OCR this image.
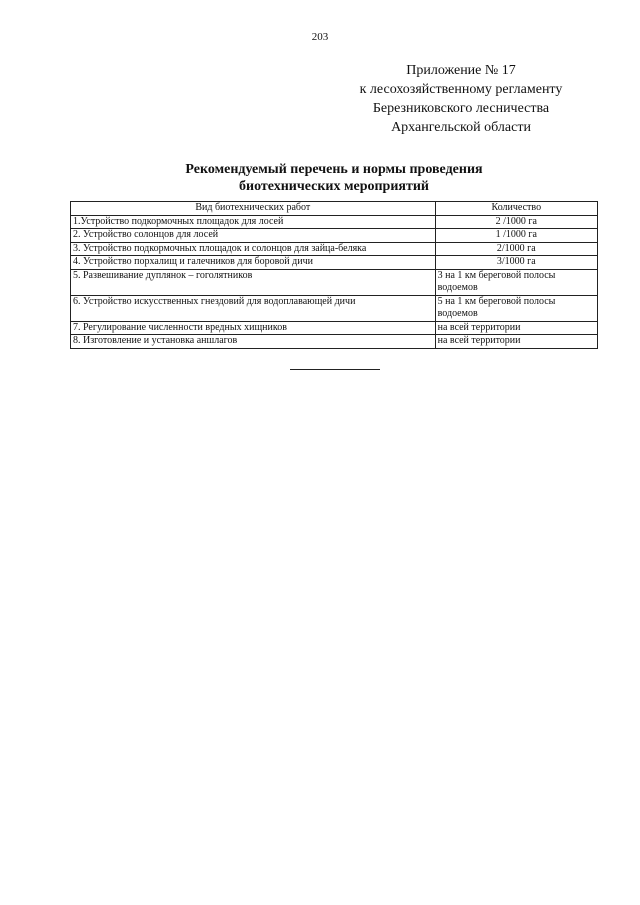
203
Приложение № 17
к лесохозяйственному регламенту
Березниковского лесничества
Архангельской области
Рекомендуемый перечень и нормы проведения
биотехнических мероприятий
Вид биотехнических работ	Количество
1.Устройство подкормочных площадок для лосей	2 /1000 га
2. Устройство солонцов для лосей	1 /1000 га
3. Устройство подкормочных площадок и солонцов для зайца-беляка	2/1000 га
4. Устройство порхалищ и галечников для боровой дичи	3/1000 га
5. Развешивание дуплянок – гоголятников	3 на 1 км береговой полосы водоемов
6. Устройство искусственных гнездовий для водоплавающей дичи	5 на 1 км береговой полосы водоемов
7. Регулирование численности вредных хищников	на всей территории
8. Изготовление и установка аншлагов	на всей территории
